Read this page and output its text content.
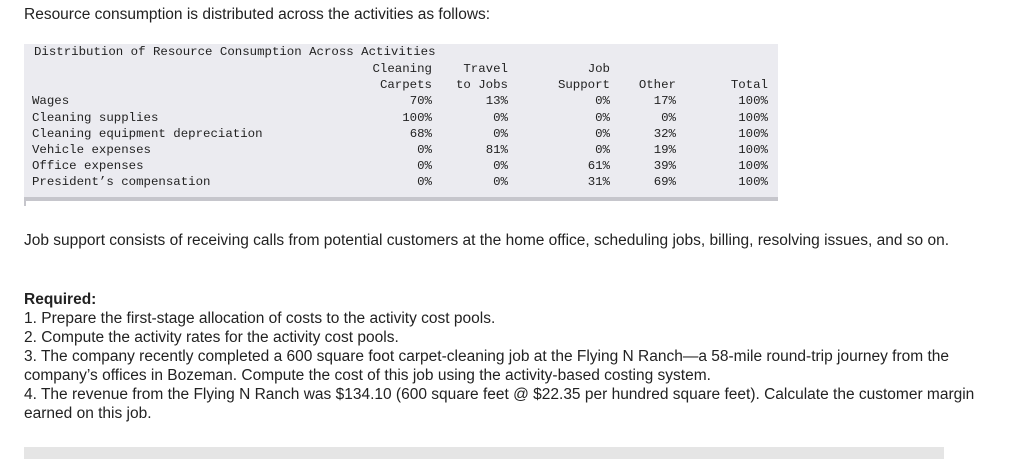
Resource consumption is distributed across the activities as follows:
Distribution of Resource Consumption Across Activities
	Cleaning	Travel	Job		
	Carpets	to Jobs	Support	Other	Total
Wages	70%	13%	0%	17%	100%
Cleaning supplies	100%	0%	0%	0%	100%
Cleaning equipment depreciation	68%	0%	0%	32%	100%
Vehicle expenses	0%	81%	0%	19%	100%
Office expenses	0%	0%	61%	39%	100%
President’s compensation	0%	0%	31%	69%	100%
Job support consists of receiving calls from potential customers at the home office, scheduling jobs, billing, resolving issues, and so on.
Required:
1. Prepare the first-stage allocation of costs to the activity cost pools.
2. Compute the activity rates for the activity cost pools.
3. The company recently completed a 600 square foot carpet-cleaning job at the Flying N Ranch—a 58-mile round-trip journey from the company’s offices in Bozeman. Compute the cost of this job using the activity-based costing system.
4. The revenue from the Flying N Ranch was $134.10 (600 square feet @ $22.35 per hundred square feet). Calculate the customer margin earned on this job.
